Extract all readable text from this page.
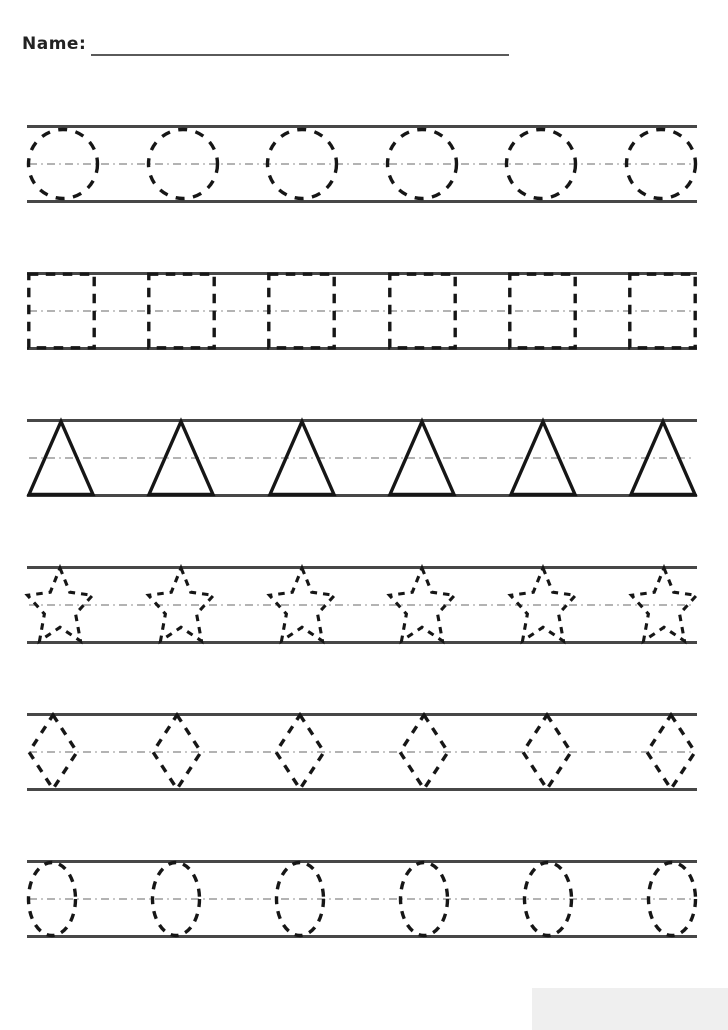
Name:
